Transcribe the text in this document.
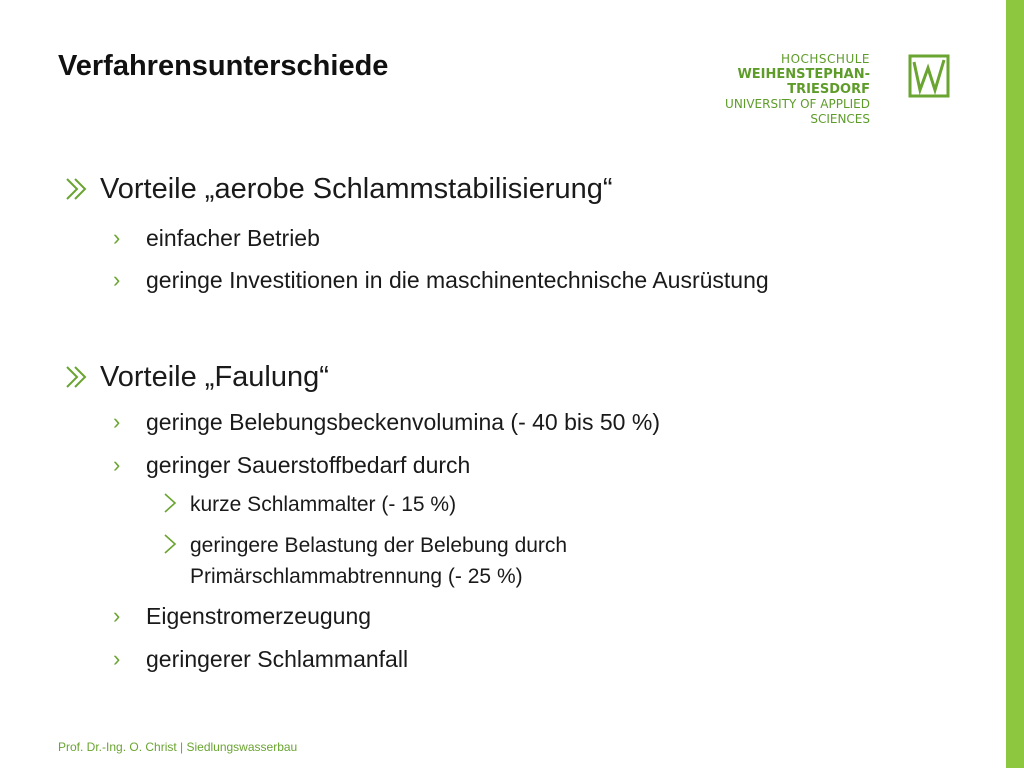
Verfahrensunterschiede	HOCHSCHULE
WEIHENSTEPHAN-TRIESDORF
UNIVERSITY OF APPLIED SCIENCES
Vorteile „aerobe Schlammstabilisierung“
› einfacher Betrieb
› geringe Investitionen in die maschinentechnische Ausrüstung
Vorteile „Faulung“
› geringe Belebungsbeckenvolumina (- 40 bis 50 %)
› geringer Sauerstoffbedarf durch
kurze Schlammalter (- 15 %)
geringere Belastung der Belebung durch
Primärschlammabtrennung (- 25 %)
› Eigenstromerzeugung
› geringerer Schlammanfall
Prof. Dr.-Ing. O. Christ | Siedlungswasserbau
